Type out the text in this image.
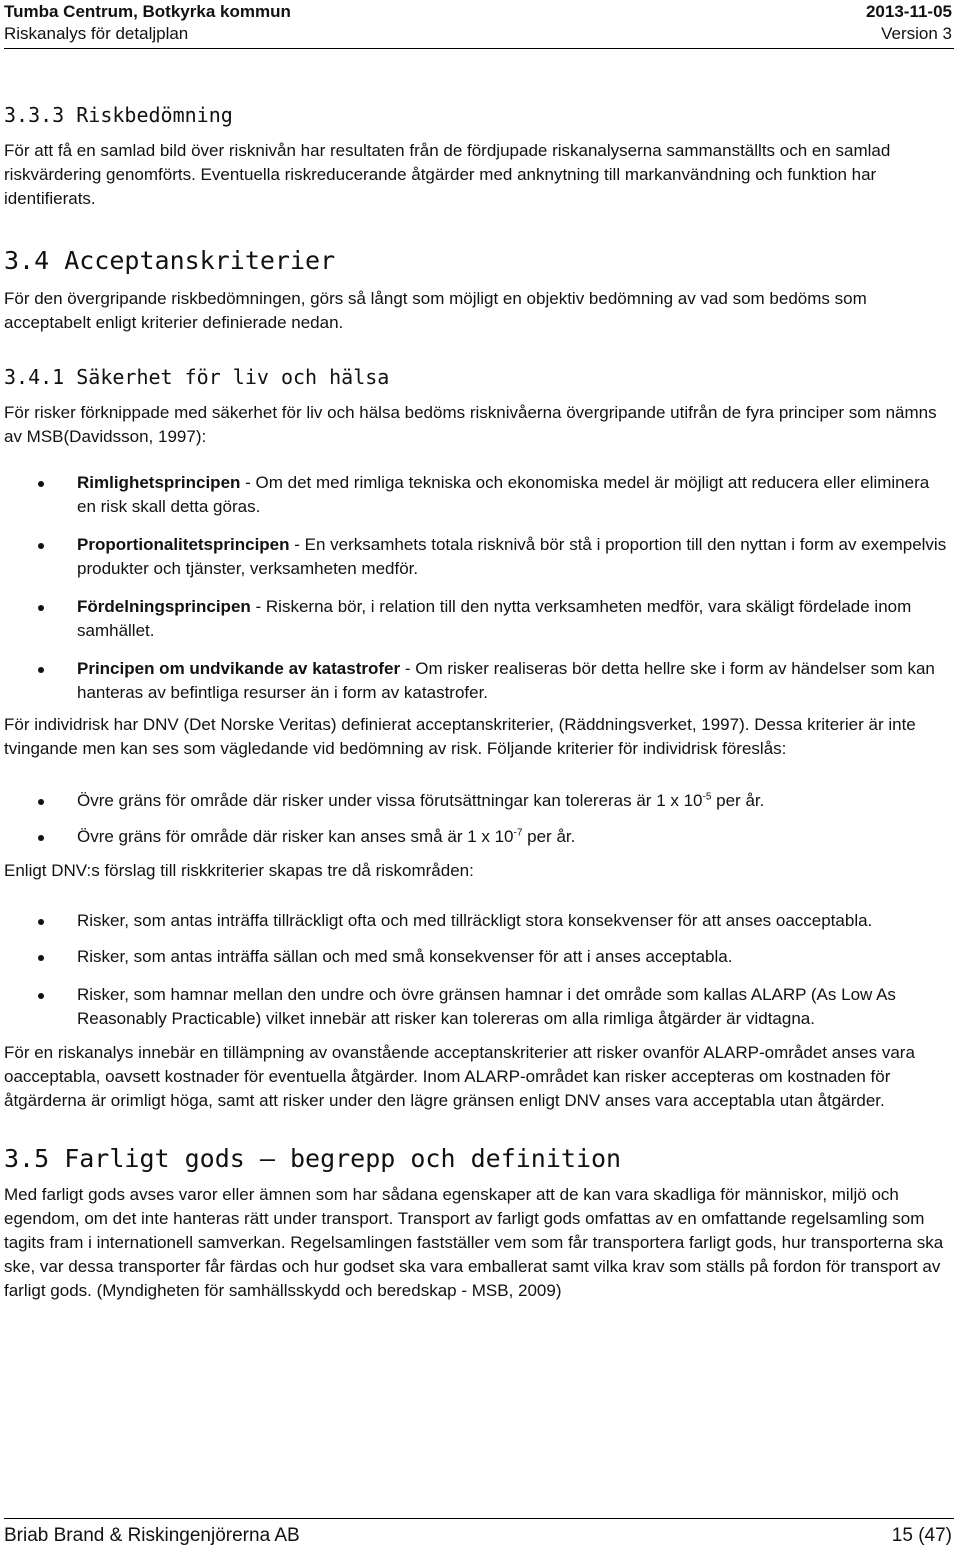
Tumba Centrum, Botkyrka kommun	2013-11-05
Riskanalys för detaljplan	Version 3
3.3.3 Riskbedömning

För att få en samlad bild över risknivån har resultaten från de fördjupade riskanalyserna sammanställts och en samlad riskvärdering genomförts. Eventuella riskreducerande åtgärder med anknytning till markanvändning och funktion har identifierats.

3.4 Acceptanskriterier

För den övergripande riskbedömningen, görs så långt som möjligt en objektiv bedömning av vad som bedöms som acceptabelt enligt kriterier definierade nedan.

3.4.1 Säkerhet för liv och hälsa

För risker förknippade med säkerhet för liv och hälsa bedöms risknivåerna övergripande utifrån de fyra principer som nämns av MSB(Davidsson, 1997):

Rimlighetsprincipen - Om det med rimliga tekniska och ekonomiska medel är möjligt att reducera eller eliminera en risk skall detta göras.
Proportionalitetsprincipen - En verksamhets totala risknivå bör stå i proportion till den nyttan i form av exempelvis produkter och tjänster, verksamheten medför.
Fördelningsprincipen - Riskerna bör, i relation till den nytta verksamheten medför, vara skäligt fördelade inom samhället.
Principen om undvikande av katastrofer - Om risker realiseras bör detta hellre ske i form av händelser som kan hanteras av befintliga resurser än i form av katastrofer.

För individrisk har DNV (Det Norske Veritas) definierat acceptanskriterier, (Räddningsverket, 1997). Dessa kriterier är inte tvingande men kan ses som vägledande vid bedömning av risk. Följande kriterier för individrisk föreslås:

Övre gräns för område där risker under vissa förutsättningar kan tolereras är 1 x $10^{-5}$ per år.
Övre gräns för område där risker kan anses små är 1 x $10^{-7}$ per år.

Enligt DNV:s förslag till riskkriterier skapas tre då riskområden:

Risker, som antas inträffa tillräckligt ofta och med tillräckligt stora konsekvenser för att anses oacceptabla.
Risker, som antas inträffa sällan och med små konsekvenser för att i anses acceptabla.
Risker, som hamnar mellan den undre och övre gränsen hamnar i det område som kallas ALARP (As Low As Reasonably Practicable) vilket innebär att risker kan tolereras om alla rimliga åtgärder är vidtagna.

För en riskanalys innebär en tillämpning av ovanstående acceptanskriterier att risker ovanför ALARP-området anses vara oacceptabla, oavsett kostnader för eventuella åtgärder. Inom ALARP-området kan risker accepteras om kostnaden för åtgärderna är orimligt höga, samt att risker under den lägre gränsen enligt DNV anses vara acceptabla utan åtgärder.

3.5 Farligt gods – begrepp och definition

Med farligt gods avses varor eller ämnen som har sådana egenskaper att de kan vara skadliga för människor, miljö och egendom, om det inte hanteras rätt under transport. Transport av farligt gods omfattas av en omfattande regelsamling som tagits fram i internationell samverkan. Regelsamlingen fastställer vem som får transportera farligt gods, hur transporterna ska ske, var dessa transporter får färdas och hur godset ska vara emballerat samt vilka krav som ställs på fordon för transport av farligt gods. (Myndigheten för samhällsskydd och beredskap - MSB, 2009)

Briab Brand & Riskingenjörerna AB	15 (47)
